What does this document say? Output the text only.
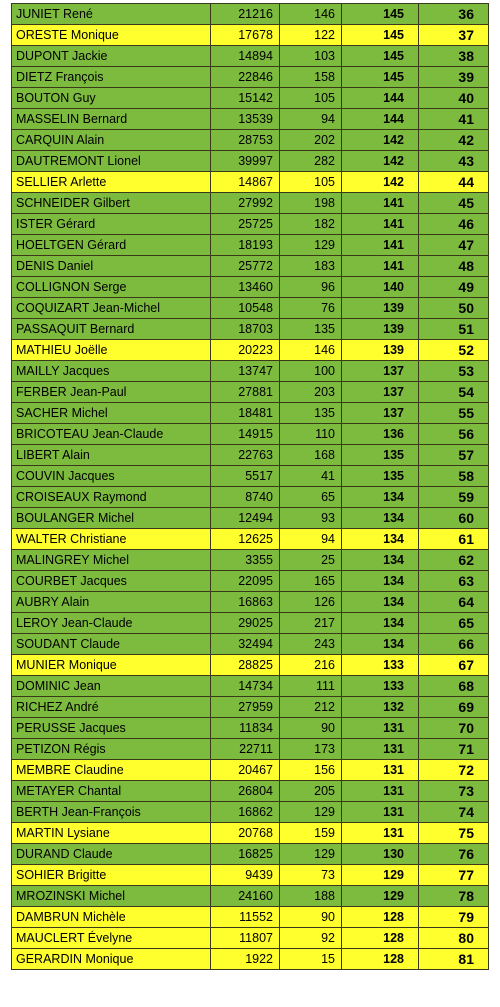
JUNIET René	21216	146	145	36
ORESTE Monique	17678	122	145	37
DUPONT Jackie	14894	103	145	38
DIETZ François	22846	158	145	39
BOUTON Guy	15142	105	144	40
MASSELIN Bernard	13539	94	144	41
CARQUIN Alain	28753	202	142	42
DAUTREMONT Lionel	39997	282	142	43
SELLIER Arlette	14867	105	142	44
SCHNEIDER Gilbert	27992	198	141	45
ISTER Gérard	25725	182	141	46
HOELTGEN Gérard	18193	129	141	47
DENIS Daniel	25772	183	141	48
COLLIGNON Serge	13460	96	140	49
COQUIZART Jean-Michel	10548	76	139	50
PASSAQUIT Bernard	18703	135	139	51
MATHIEU Joëlle	20223	146	139	52
MAILLY Jacques	13747	100	137	53
FERBER Jean-Paul	27881	203	137	54
SACHER Michel	18481	135	137	55
BRICOTEAU Jean-Claude	14915	110	136	56
LIBERT Alain	22763	168	135	57
COUVIN Jacques	5517	41	135	58
CROISEAUX Raymond	8740	65	134	59
BOULANGER Michel	12494	93	134	60
WALTER Christiane	12625	94	134	61
MALINGREY Michel	3355	25	134	62
COURBET Jacques	22095	165	134	63
AUBRY Alain	16863	126	134	64
LEROY Jean-Claude	29025	217	134	65
SOUDANT Claude	32494	243	134	66
MUNIER Monique	28825	216	133	67
DOMINIC Jean	14734	111	133	68
RICHEZ André	27959	212	132	69
PERUSSE Jacques	11834	90	131	70
PETIZON Régis	22711	173	131	71
MEMBRE Claudine	20467	156	131	72
METAYER Chantal	26804	205	131	73
BERTH Jean-François	16862	129	131	74
MARTIN Lysiane	20768	159	131	75
DURAND Claude	16825	129	130	76
SOHIER Brigitte	9439	73	129	77
MROZINSKI Michel	24160	188	129	78
DAMBRUN Michèle	11552	90	128	79
MAUCLERT Évelyne	11807	92	128	80
GERARDIN Monique	1922	15	128	81
